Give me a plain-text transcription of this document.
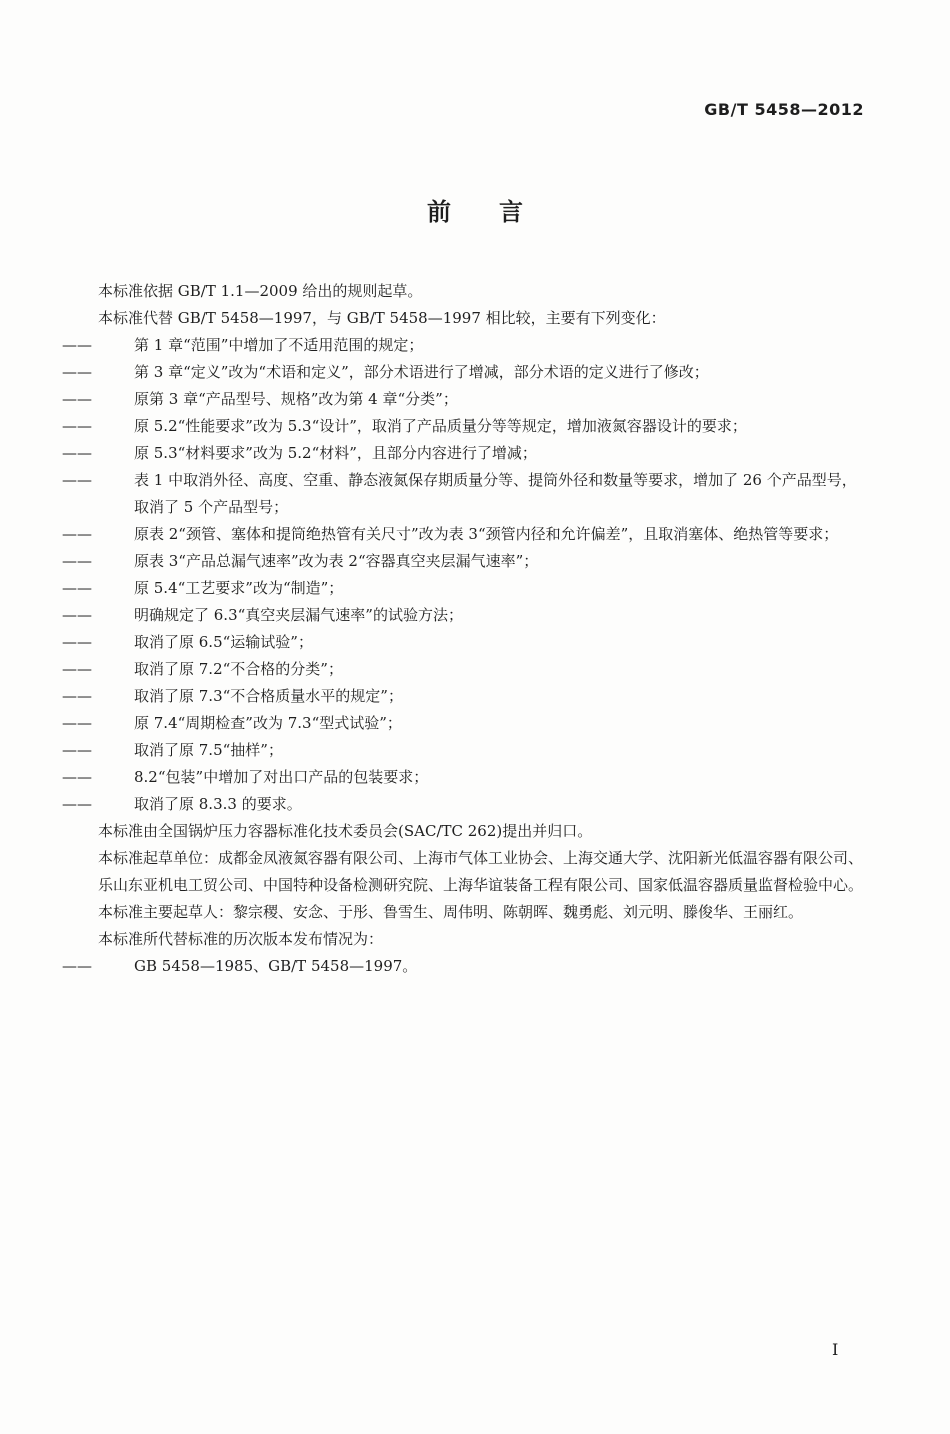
GB/T 5458—2012
前言

本标准依据 GB/T 1.1—2009 给出的规则起草。

本标准代替 GB/T 5458—1997，与 GB/T 5458—1997 相比较，主要有下列变化：

——	第 1 章“范围”中增加了不适用范围的规定；
——	第 3 章“定义”改为“术语和定义”，部分术语进行了增减，部分术语的定义进行了修改；
——	原第 3 章“产品型号、规格”改为第 4 章“分类”；
——	原 5.2“性能要求”改为 5.3“设计”，取消了产品质量分等等规定，增加液氮容器设计的要求；
——	原 5.3“材料要求”改为 5.2“材料”，且部分内容进行了增减；
——	表 1 中取消外径、高度、空重、静态液氮保存期质量分等、提筒外径和数量等要求，增加了 26 个产品型号，取消了 5 个产品型号；
——	原表 2“颈管、塞体和提筒绝热管有关尺寸”改为表 3“颈管内径和允许偏差”，且取消塞体、绝热管等要求；
——	原表 3“产品总漏气速率”改为表 2“容器真空夹层漏气速率”；
——	原 5.4“工艺要求”改为“制造”；
——	明确规定了 6.3“真空夹层漏气速率”的试验方法；
——	取消了原 6.5“运输试验”；
——	取消了原 7.2“不合格的分类”；
——	取消了原 7.3“不合格质量水平的规定”；
——	原 7.4“周期检查”改为 7.3“型式试验”；
——	取消了原 7.5“抽样”；
——	8.2“包装”中增加了对出口产品的包装要求；
——	取消了原 8.3.3 的要求。

本标准由全国锅炉压力容器标准化技术委员会(SAC/TC 262)提出并归口。

本标准起草单位：成都金凤液氮容器有限公司、上海市气体工业协会、上海交通大学、沈阳新光低温容器有限公司、乐山东亚机电工贸公司、中国特种设备检测研究院、上海华谊装备工程有限公司、国家低温容器质量监督检验中心。

本标准主要起草人：黎宗稷、安念、于彤、鲁雪生、周伟明、陈朝晖、魏勇彪、刘元明、滕俊华、王丽红。

本标准所代替标准的历次版本发布情况为：

——	GB 5458—1985、GB/T 5458—1997。
I
